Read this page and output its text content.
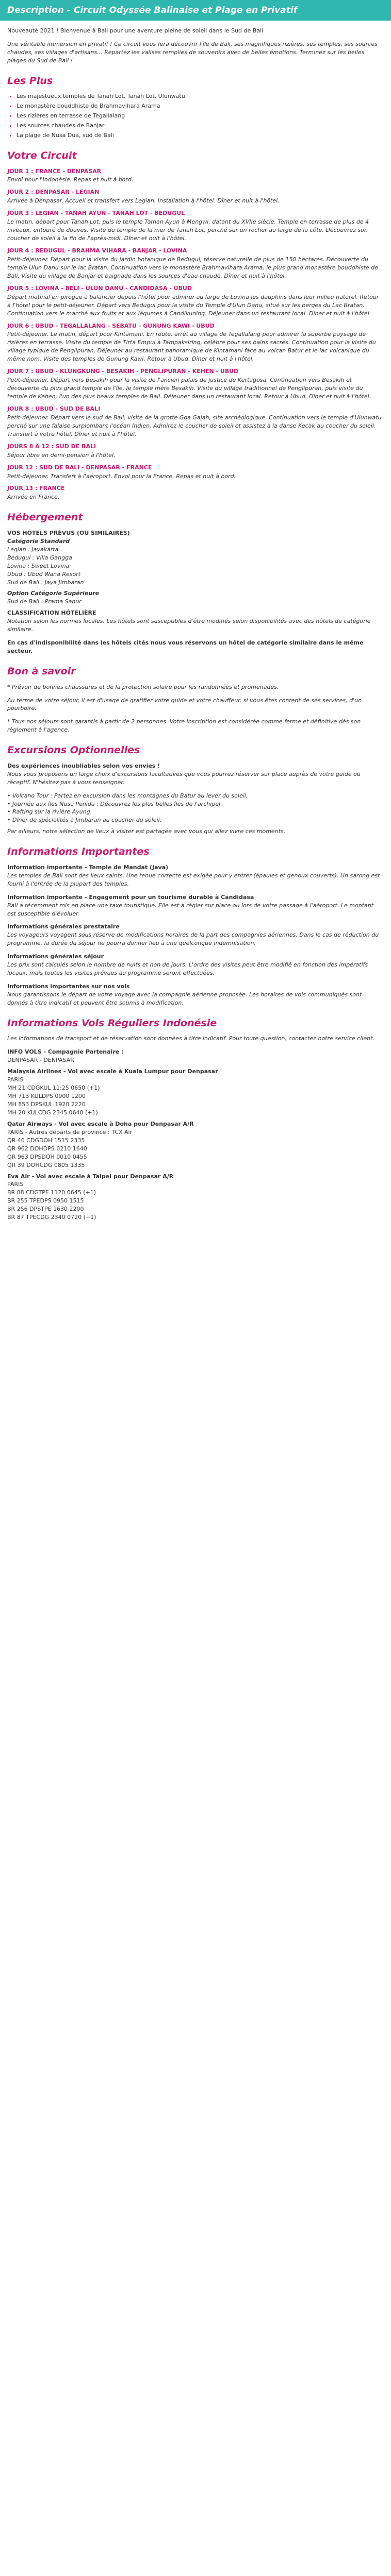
Description - Circuit Odyssée Balinaise et Plage en Privatif

Nouveauté 2021 ! Bienvenue à Bali pour une aventure pleine de soleil dans le Sud de Bali

Une véritable immersion en privatif ! Ce circuit vous fera découvrir l'île de Bali, ses magnifiques rizières, ses temples, ses sources chaudes, ses villages d'artisans... Repartez les valises remplies de souvenirs avec de belles émotions. Terminez sur les belles plages du Sud de Bali !

Les Plus
• Les majestueux temples de Tanah Lot, Tanah Lot, Ulunwatu
• Le monastère bouddhiste de Brahmavihara Arama
• Les rizières en terrasse de Tegallalang
• Les sources chaudes de Banjar
• La plage de Nusa Dua, sud de Bali
Votre Circuit
JOUR 1 : FRANCE - DENPASAR
Envol pour l'Indonésie. Repas et nuit à bord.
JOUR 2 : DENPASAR - LEGIAN
Arrivée à Denpasar. Accueil et transfert vers Legian. Installation à l'hôtel. Dîner et nuit à l'hôtel.
JOUR 3 : LEGIAN - TANAH AYUN - TANAH LOT - BEDUGUL
Le matin, départ pour Tanah Lot, puis le temple Taman Ayun à Mengwi, datant du XVIIe siècle. Temple en terrasse de plus de 4 niveaux, entouré de douves. Visite du temple de la mer de Tanah Lot, perché sur un rocher au large de la côte. Découvrez son coucher de soleil à la fin de l'après-midi. Dîner et nuit à l'hôtel.
JOUR 4 : BEDUGUL - BRAHMA VIHARA - BANJAR - LOVINA
Petit-déjeuner. Départ pour la visite du jardin botanique de Bedugul, réserve naturelle de plus de 150 hectares. Découverte du temple Ulun Danu sur le lac Bratan. Continuation vers le monastère Brahmavihara Arama, le plus grand monastère bouddhiste de Bali. Visite du village de Banjar et baignade dans les sources d'eau chaude. Dîner et nuit à l'hôtel.
JOUR 5 : LOVINA - BELI - ULUN DANU - CANDIDASA - UBUD
Départ matinal en pirogue à balancier depuis l'hôtel pour admirer au large de Lovina les dauphins dans leur milieu naturel. Retour à l'hôtel pour le petit-déjeuner. Départ vers Bedugul pour la visite du Temple d'Ulun Danu, situé sur les berges du Lac Bratan. Continuation vers le marché aux fruits et aux légumes à Candikuning. Déjeuner dans un restaurant local. Dîner et nuit à l'hôtel.
JOUR 6 : UBUD - TEGALLALANG - SEBATU - GUNUNG KAWI - UBUD
Petit-déjeuner. Le matin, départ pour Kintamani. En route, arrêt au village de Tegallalang pour admirer la superbe paysage de rizières en terrasse. Visite du temple de Tirta Empul à Tampaksiring, célèbre pour ses bains sacrés. Continuation pour la visite du village typique de Penglipuran. Déjeuner au restaurant panoramique de Kintamani face au volcan Batur et le lac volcanique du même nom. Visite des temples de Gunung Kawi. Retour à Ubud. Dîner et nuit à l'hôtel.
JOUR 7 : UBUD - KLUNGKUNG - BESAKIH - PENGLIPURAN - KEHEN - UBUD
Petit-déjeuner. Départ vers Besakih pour la visite de l'ancien palais de justice de Kertagosa. Continuation vers Besakih et découverte du plus grand temple de l'île, le temple mère Besakih. Visite du village traditionnel de Penglipuran, puis visite du temple de Kehen, l'un des plus beaux temples de Bali. Déjeuner dans un restaurant local. Retour à Ubud. Dîner et nuit à l'hôtel.
JOUR 8 : UBUD - SUD DE BALI
Petit-déjeuner. Départ vers le sud de Bali, visite de la grotte Goa Gajah, site archéologique. Continuation vers le temple d'Ulunwatu perché sur une falaise surplombant l'océan Indien. Admirez le coucher de soleil et assistez à la danse Kecak au coucher du soleil. Transfert à votre hôtel. Dîner et nuit à l'hôtel.
JOURS 8 À 12 : SUD DE BALI
Séjour libre en demi-pension à l'hôtel.
JOUR 12 : SUD DE BALI - DENPASAR - FRANCE
Petit-déjeuner. Transfert à l'aéroport. Envol pour la France. Repas et nuit à bord.
JOUR 13 : FRANCE
Arrivée en France.
Hébergement
VOS HÔTELS PRÉVUS (OU SIMILAIRES)
Catégorie Standard
Legian : Jayakarta
Bedugul : Villa Gangga
Lovina : Sweet Lovina
Ubud : Ubud Wana Resort
Sud de Bali : Jaya Jimbaran
Option Catégorie Supérieure
Sud de Bali : Prama Sanur
CLASSIFICATION HÔTELIÈRE

Notation selon les normes locales. Les hôtels sont susceptibles d'être modifiés selon disponibilités avec des hôtels de catégorie similaire.

En cas d'indisponibilité dans les hôtels cités nous vous réservons un hôtel de catégorie similaire dans le même secteur.

Bon à savoir

* Prévoir de bonnes chaussures et de la protection solaire pour les randonnées et promenades.

Au terme de votre séjour, il est d'usage de gratifier votre guide et votre chauffeur, si vous êtes content de ses services, d'un pourboire.

* Tous nos séjours sont garantis à partir de 2 personnes. Votre inscription est considérée comme ferme et définitive dès son règlement à l'agence.

Excursions Optionnelles
Des expériences inoubliables selon vos envies !

Nous vous proposons un large choix d'excursions facultatives que vous pourrez réserver sur place auprès de votre guide ou réceptif. N'hésitez pas à vous renseigner.

• Volcano Tour : Partez en excursion dans les montagnes du Batur au lever du soleil.
• Journée aux îles Nusa Penida : Découvrez les plus belles îles de l'archipel.
• Rafting sur la rivière Ayung.
• Dîner de spécialités à Jimbaran au coucher du soleil.

Par ailleurs, notre sélection de lieux à visiter est partagée avec vous qui allez vivre ces moments.

Informations Importantes
Information importante - Temple de Mandat (Java)

Les temples de Bali sont des lieux saints. Une tenue correcte est exigée pour y entrer (épaules et genoux couverts). Un sarong est fourni à l'entrée de la plupart des temples.

Information importante - Engagement pour un tourisme durable à Candidasa

Bali a récemment mis en place une taxe touristique. Elle est à régler sur place ou lors de votre passage à l'aéroport. Le montant est susceptible d'évoluer.

Informations générales prestataire

Les voyageurs voyagent sous réserve de modifications horaires de la part des compagnies aériennes. Dans le cas de réduction du programme, la durée du séjour ne pourra donner lieu à une quelconque indemnisation.

Informations générales séjour

Les prix sont calculés selon le nombre de nuits et non de jours. L'ordre des visites peut être modifié en fonction des impératifs locaux, mais toutes les visites prévues au programme seront effectuées.

Informations importantes sur nos vols

Nous garantissons le départ de votre voyage avec la compagnie aérienne proposée. Les horaires de vols communiqués sont donnés à titre indicatif et peuvent être soumis à modification.

Informations Vols Réguliers Indonésie

Les informations de transport et de réservation sont données à titre indicatif. Pour toute question, contactez notre service client.

INFO VOLS - Compagnie Partenaire :
DENPASAR - DENPASAR
Malaysia Airlines - Vol avec escale à Kuala Lumpur pour Denpasar
PARIS
MH 21 CDGKUL 11:25 0650 (+1)
MH 713 KULDPS 0900 1200
MH 853 DPSKUL 1920 2220
MH 20 KULCDG 2345 0640 (+1)
Qatar Airways - Vol avec escale à Doha pour Denpasar A/R
PARIS - Autres départs de province : TCX Air
QR 40 CDGDOH 1515 2335
QR 962 DOHDPS 0210 1640
QR 963 DPSDOH 0010 0455
QR 39 DOHCDG 0805 1335
Eva Air - Vol avec escale à Taipei pour Denpasar A/R
PARIS
BR 88 CDGTPE 1120 0645 (+1)
BR 255 TPEDPS 0950 1515
BR 256 DPSTPE 1630 2200
BR 87 TPECDG 2340 0720 (+1)
